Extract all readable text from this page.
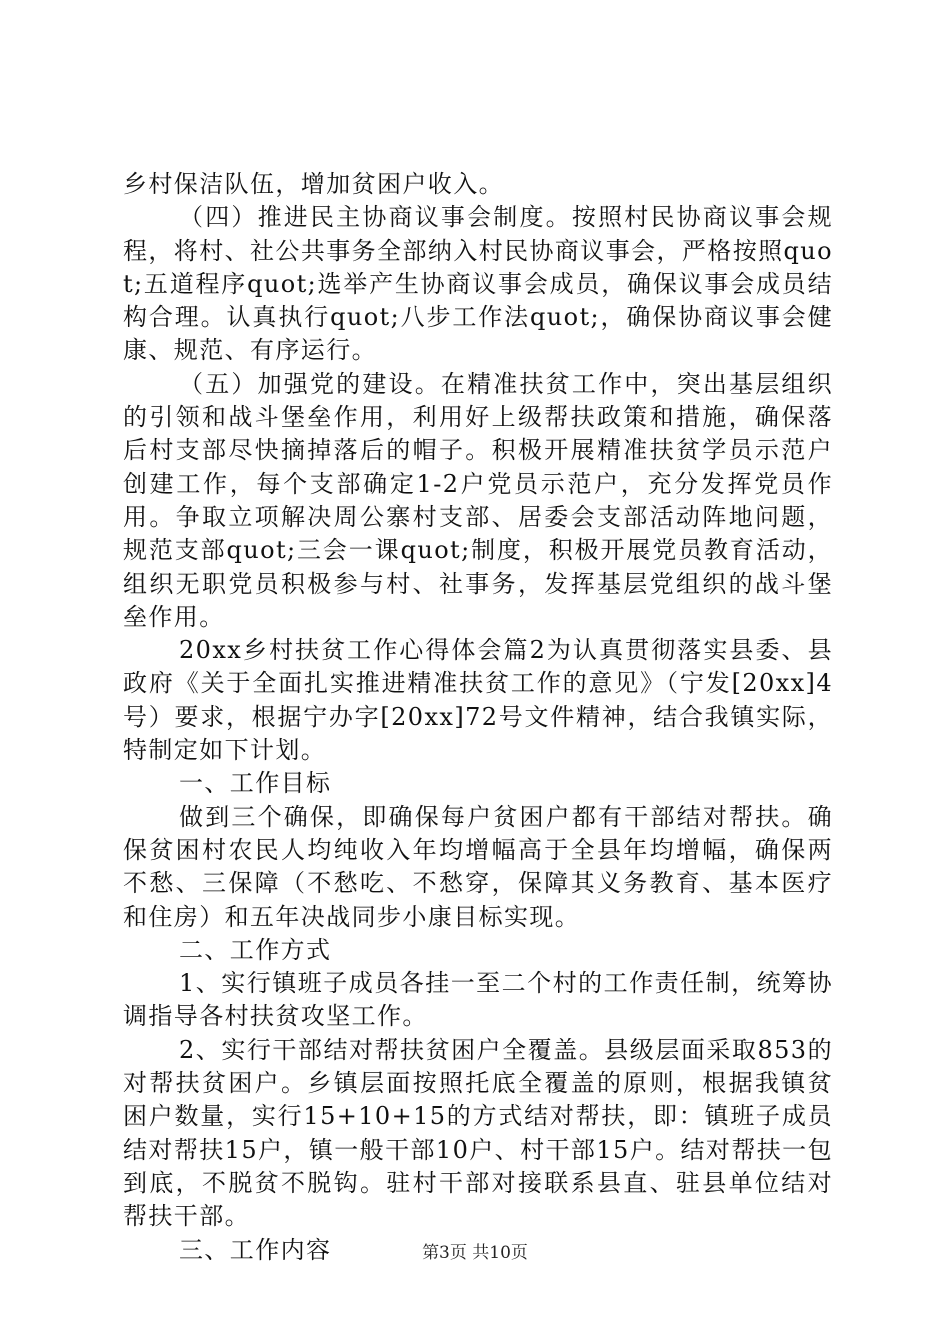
乡村保洁队伍，增加贫困户收入。

（四）推进民主协商议事会制度。按照村民协商议事会规程，将村、社公共事务全部纳入村民协商议事会，严格按照quot;五道程序quot;选举产生协商议事会成员，确保议事会成员结构合理。认真执行quot;八步工作法quot;，确保协商议事会健康、规范、有序运行。

（五）加强党的建设。在精准扶贫工作中，突出基层组织的引领和战斗堡垒作用，利用好上级帮扶政策和措施，确保落后村支部尽快摘掉落后的帽子。积极开展精准扶贫学员示范户创建工作，每个支部确定1-2户党员示范户，充分发挥党员作用。争取立项解决周公寨村支部、居委会支部活动阵地问题，规范支部quot;三会一课quot;制度，积极开展党员教育活动，组织无职党员积极参与村、社事务，发挥基层党组织的战斗堡垒作用。

20xx乡村扶贫工作心得体会篇2为认真贯彻落实县委、县政府《关于全面扎实推进精准扶贫工作的意见》（宁发[20xx]4号）要求，根据宁办字[20xx]72号文件精神，结合我镇实际，特制定如下计划。

一、工作目标

做到三个确保，即确保每户贫困户都有干部结对帮扶。确保贫困村农民人均纯收入年均增幅高于全县年均增幅，确保两不愁、三保障（不愁吃、不愁穿，保障其义务教育、基本医疗和住房）和五年决战同步小康目标实现。

二、工作方式

1、实行镇班子成员各挂一至二个村的工作责任制，统筹协调指导各村扶贫攻坚工作。

2、实行干部结对帮扶贫困户全覆盖。县级层面采取853的对帮扶贫困户。乡镇层面按照托底全覆盖的原则，根据我镇贫困户数量，实行15+10+15的方式结对帮扶，即：镇班子成员结对帮扶15户，镇一般干部10户、村干部15户。结对帮扶一包到底，不脱贫不脱钩。驻村干部对接联系县直、驻县单位结对帮扶干部。

三、工作内容	第3页 共10页
